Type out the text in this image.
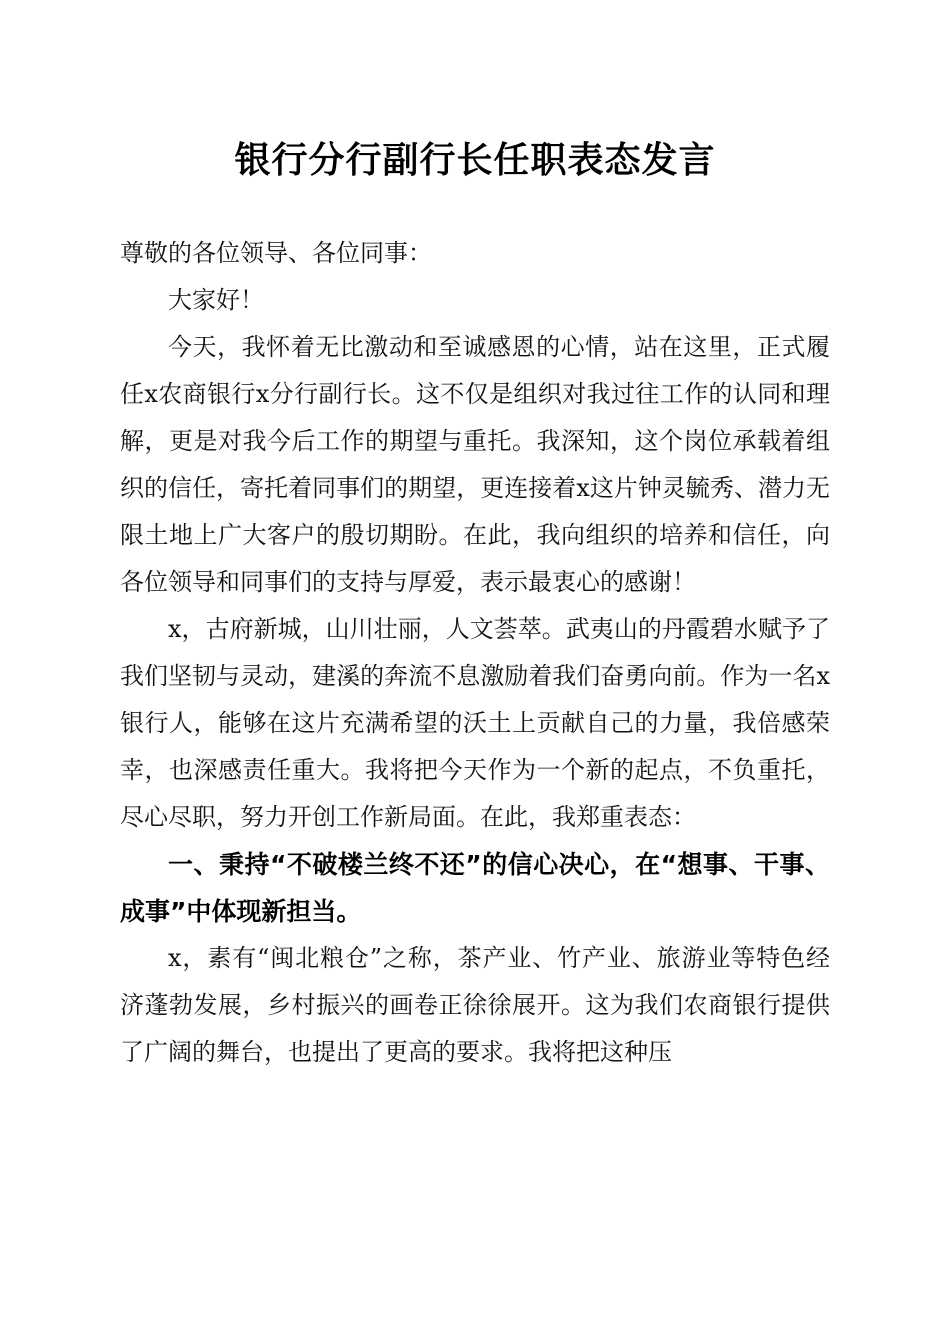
银行分行副行长任职表态发言

尊敬的各位领导、各位同事：

大家好！

今天，我怀着无比激动和至诚感恩的心情，站在这里，正式履任x农商银行x分行副行长。这不仅是组织对我过往工作的认同和理解，更是对我今后工作的期望与重托。我深知，这个岗位承载着组织的信任，寄托着同事们的期望，更连接着x这片钟灵毓秀、潜力无限土地上广大客户的殷切期盼。在此，我向组织的培养和信任，向各位领导和同事们的支持与厚爱，表示最衷心的感谢！

x，古府新城，山川壮丽，人文荟萃。武夷山的丹霞碧水赋予了我们坚韧与灵动，建溪的奔流不息激励着我们奋勇向前。作为一名x银行人，能够在这片充满希望的沃土上贡献自己的力量，我倍感荣幸，也深感责任重大。我将把今天作为一个新的起点，不负重托，尽心尽职，努力开创工作新局面。在此，我郑重表态：

一、秉持“不破楼兰终不还”的信心决心，在“想事、干事、成事”中体现新担当。

x，素有“闽北粮仓”之称，茶产业、竹产业、旅游业等特色经济蓬勃发展，乡村振兴的画卷正徐徐展开。这为我们农商银行提供了广阔的舞台，也提出了更高的要求。我将把这种压
